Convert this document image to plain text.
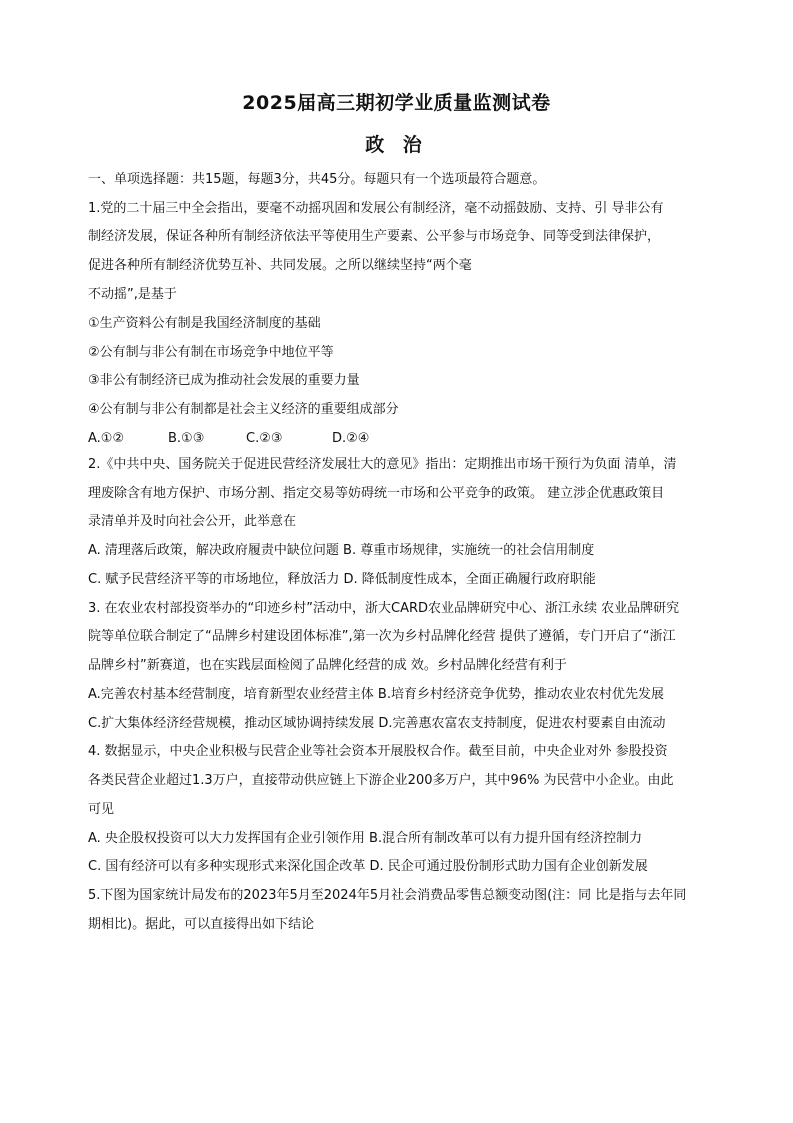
2025届高三期初学业质量监测试卷
政 治
一、单项选择题：共15题，每题3分，共45分。每题只有一个选项最符合题意。
1.党的二十届三中全会指出，要毫不动摇巩固和发展公有制经济，毫不动摇鼓励、支持、引 导非公有
制经济发展，保证各种所有制经济依法平等使用生产要素、公平参与市场竞争、同等受到法律保护，
促进各种所有制经济优势互补、共同发展。之所以继续坚持“两个毫
不动摇”,是基于
①生产资料公有制是我国经济制度的基础
②公有制与非公有制在市场竞争中地位平等
③非公有制经济已成为推动社会发展的重要力量
④公有制与非公有制都是社会主义经济的重要组成部分
A.①②	B.①③	C.②③	D.②④
2.《中共中央、国务院关于促进民营经济发展壮大的意见》指出：定期推出市场干预行为负面 清单，清
理废除含有地方保护、市场分割、指定交易等妨碍统一市场和公平竞争的政策。 建立涉企优惠政策目
录清单并及时向社会公开，此举意在
A. 清理落后政策，解决政府履责中缺位问题 B. 尊重市场规律，实施统一的社会信用制度
C. 赋予民营经济平等的市场地位，释放活力 D. 降低制度性成本，全面正确履行政府职能
3. 在农业农村部投资举办的“印迹乡村”活动中，浙大CARD农业品牌研究中心、浙江永续 农业品牌研究
院等单位联合制定了“品牌乡村建设团体标准”,第一次为乡村品牌化经营 提供了遵循，专门开启了“浙江
品牌乡村”新赛道，也在实践层面检阅了品牌化经营的成 效。乡村品牌化经营有利于
A.完善农村基本经营制度，培育新型农业经营主体 B.培育乡村经济竞争优势，推动农业农村优先发展
C.扩大集体经济经营规模，推动区域协调持续发展 D.完善惠农富农支持制度，促进农村要素自由流动
4. 数据显示，中央企业积极与民营企业等社会资本开展股权合作。截至目前，中央企业对外 参股投资
各类民营企业超过1.3万户，直接带动供应链上下游企业200多万户，其中96% 为民营中小企业。由此
可见
A. 央企股权投资可以大力发挥国有企业引领作用 B.混合所有制改革可以有力提升国有经济控制力
C. 国有经济可以有多种实现形式来深化国企改革 D. 民企可通过股份制形式助力国有企业创新发展
5.下图为国家统计局发布的2023年5月至2024年5月社会消费品零售总额变动图(注：同 比是指与去年同
期相比)。据此，可以直接得出如下结论
